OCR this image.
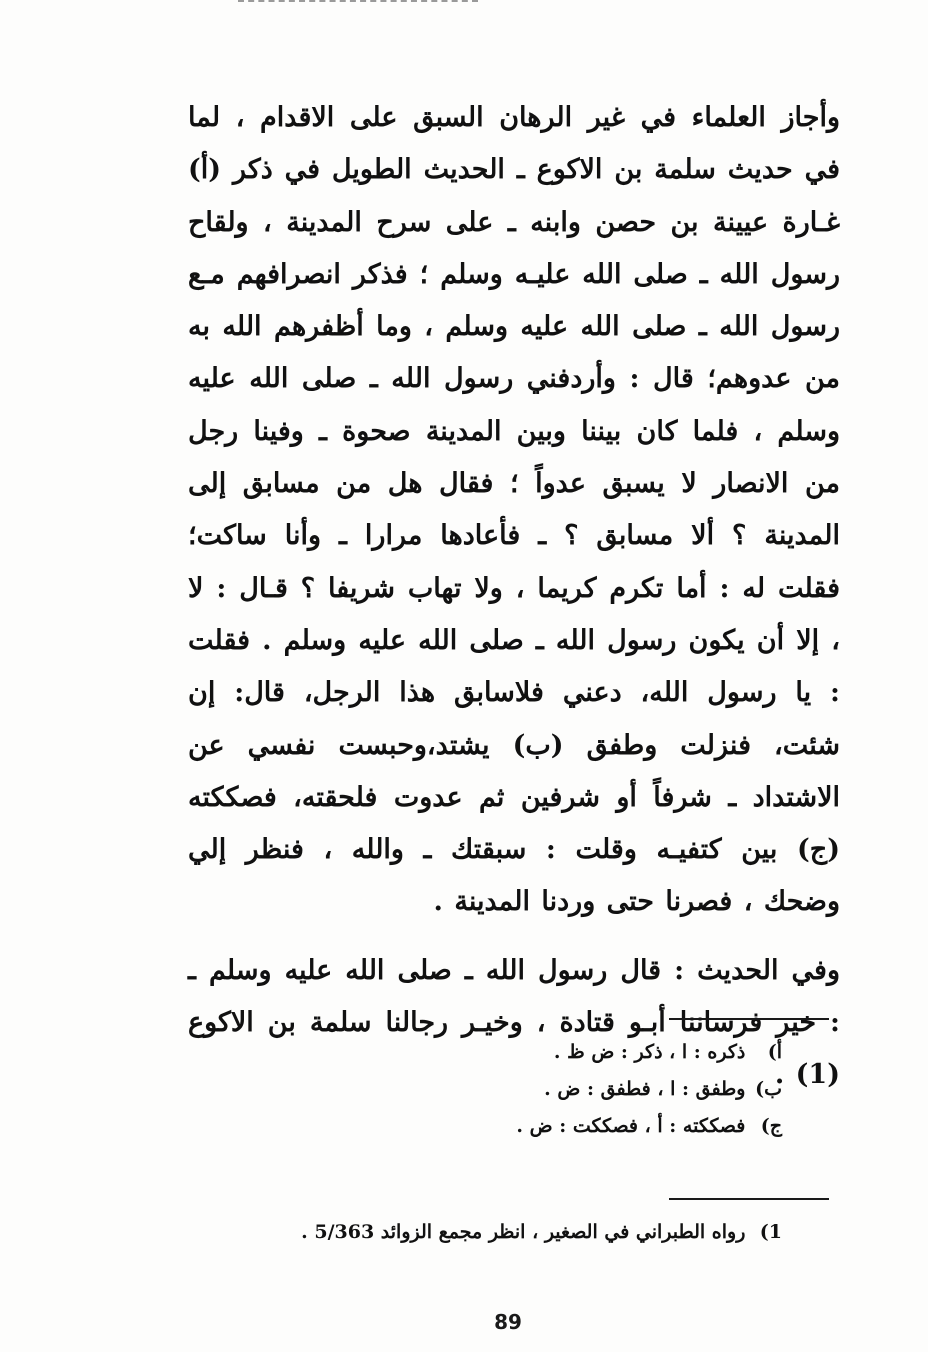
وأجاز العلماء في غير الرهان السبق على الاقدام ، لما في حديث سلمة بن الاكوع ـ الحديث الطويل في ذكر (أ) غـارة عيينة بن حصن وابنه ـ على سرح المدينة ، ولقاح رسول الله ـ صلى الله عليـه وسلم ؛ فذكر انصرافهم مـع رسول الله ـ صلى الله عليه وسلم ، وما أظفرهم الله به من عدوهم؛ قال : وأردفني رسول الله ـ صلى الله عليه وسلم ، فلما كان بيننا وبين المدينة صحوة ـ وفينا رجل من الانصار لا يسبق عدواً ؛ فقال هل من مسابق إلى المدينة ؟ ألا مسابق ؟ ـ فأعادها مرارا ـ وأنا ساكت؛ فقلت له : أما تكرم كريما ، ولا تهاب شريفا ؟ قـال : لا ، إلا أن يكون رسول الله ـ صلى الله عليه وسلم . فقلت : يا رسول الله، دعني فلاسابق هذا الرجل، قال: إن شئت، فنزلت وطفق (ب) يشتد،وحبست نفسي عن الاشتداد ـ شرفاً أو شرفين ثم عدوت فلحقته، فصككته (ج) بين كتفيـه وقلت : سبقتك ـ والله ، فنظر إلي وضحك ، فصرنا حتى وردنا المدينة .

وفي الحديث : قال رسول الله ـ صلى الله عليه وسلم ـ : خير فرساننا أبـو قتادة ، وخيـر رجالنا سلمة بن الاكوع (1) .

أ) ذكره : ا ، ذكر : ض ظ .
ب) وطفق : ا ، فطفق : ض .
ج) فصككته : أ ، فصككت : ض .
1) رواه الطبراني في الصغير ، انظر مجمع الزوائد 5/363 .
89
